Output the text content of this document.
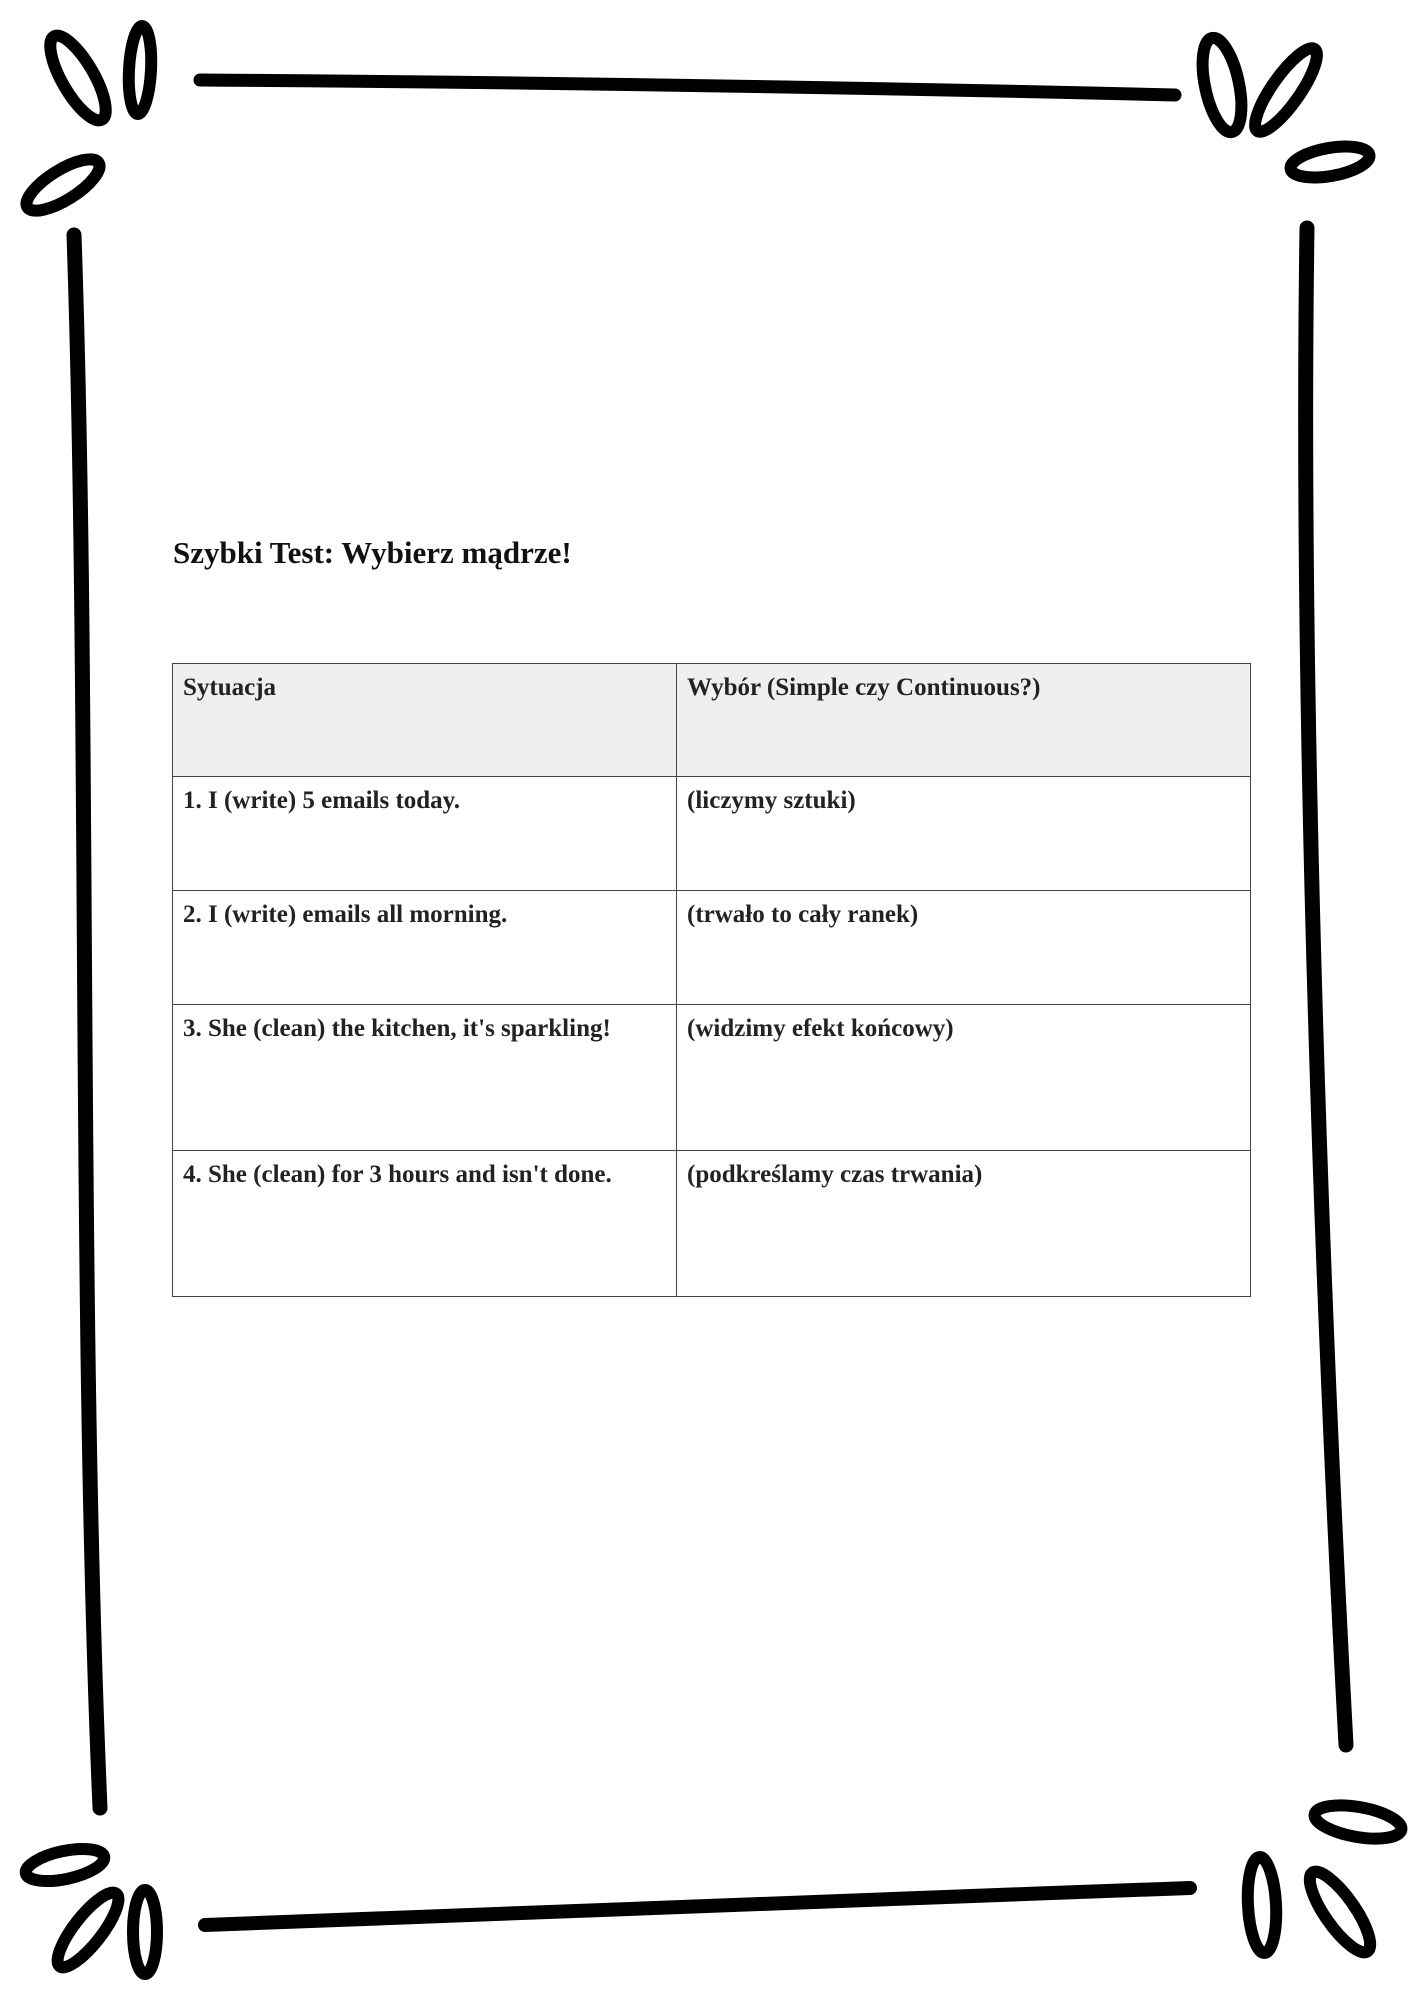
Szybki Test: Wybierz mądrze!
Sytuacja	Wybór (Simple czy Continuous?)
1. I (write) 5 emails today.	(liczymy sztuki)
2. I (write) emails all morning.	(trwało to cały ranek)
3. She (clean) the kitchen, it's sparkling!	(widzimy efekt końcowy)
4. She (clean) for 3 hours and isn't done.	(podkreślamy czas trwania)
